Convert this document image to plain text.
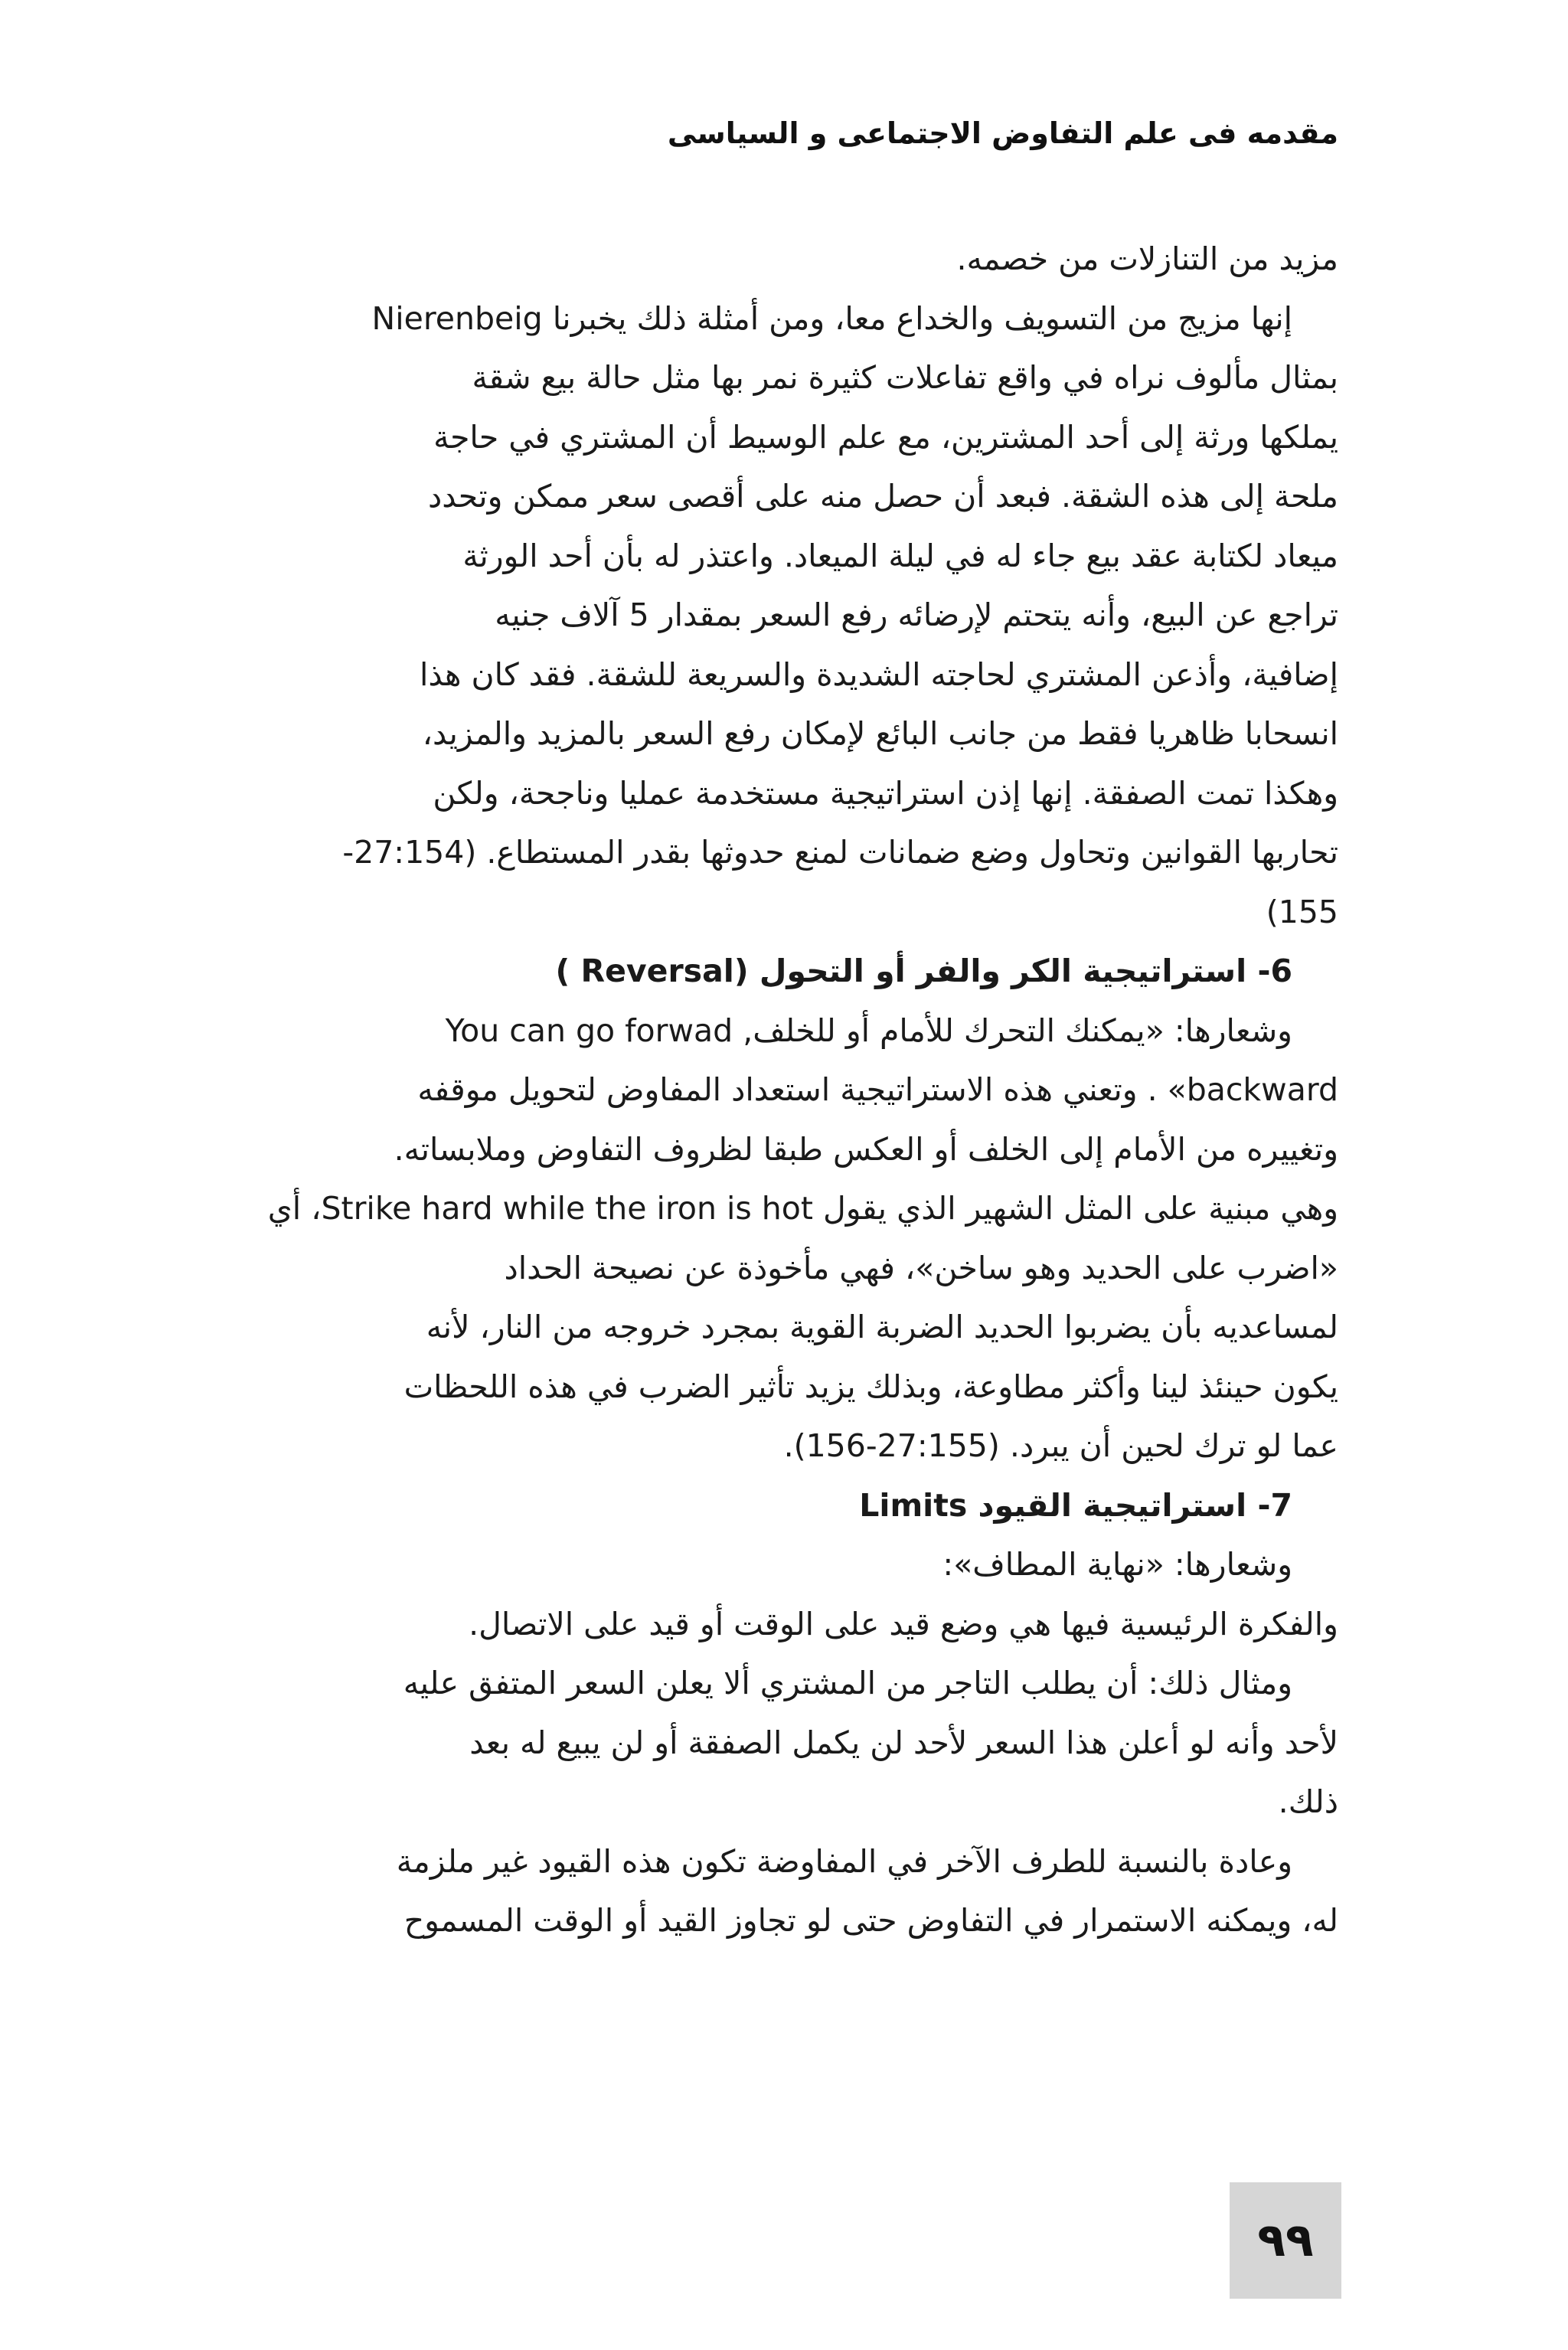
مقدمه فى علم التفاوض الاجتماعى و السياسى
مزيد من التنازلات من خصمه.
إنها مزيج من التسويف والخداع معا، ومن أمثلة ذلك يخبرنا Nierenbeig
بمثال مألوف نراه في واقع تفاعلات كثيرة نمر بها مثل حالة بيع شقة
يملكها ورثة إلى أحد المشترين، مع علم الوسيط أن المشتري في حاجة
ملحة إلى هذه الشقة. فبعد أن حصل منه على أقصى سعر ممكن وتحدد
ميعاد لكتابة عقد بيع جاء له في ليلة الميعاد. واعتذر له بأن أحد الورثة
تراجع عن البيع، وأنه يتحتم لإرضائه رفع السعر بمقدار 5 آلاف جنيه
إضافية، وأذعن المشتري لحاجته الشديدة والسريعة للشقة. فقد كان هذا
انسحابا ظاهريا فقط من جانب البائع لإمكان رفع السعر بالمزيد والمزيد،
وهكذا تمت الصفقة. إنها إذن استراتيجية مستخدمة عمليا وناجحة، ولكن
تحاربها القوانين وتحاول وضع ضمانات لمنع حدوثها بقدر المستطاع. (27:154-
155)
6- استراتيجية الكر والفر أو التحول (Reversal )
وشعارها: «يمكنك التحرك للأمام أو للخلف, You can go forwad
backward» . وتعني هذه الاستراتيجية استعداد المفاوض لتحويل موقفه
وتغييره من الأمام إلى الخلف أو العكس طبقا لظروف التفاوض وملابساته.
وهي مبنية على المثل الشهير الذي يقول Strike hard while the iron is hot، أي
«اضرب على الحديد وهو ساخن»، فهي مأخوذة عن نصيحة الحداد
لمساعديه بأن يضربوا الحديد الضربة القوية بمجرد خروجه من النار، لأنه
يكون حينئذ لينا وأكثر مطاوعة، وبذلك يزيد تأثير الضرب في هذه اللحظات
عما لو ترك لحين أن يبرد. (27:155-156).
7- استراتيجية القيود Limits
وشعارها: «نهاية المطاف»:
والفكرة الرئيسية فيها هي وضع قيد على الوقت أو قيد على الاتصال.
ومثال ذلك: أن يطلب التاجر من المشتري ألا يعلن السعر المتفق عليه
لأحد وأنه لو أعلن هذا السعر لأحد لن يكمل الصفقة أو لن يبيع له بعد
ذلك.
وعادة بالنسبة للطرف الآخر في المفاوضة تكون هذه القيود غير ملزمة
له، ويمكنه الاستمرار في التفاوض حتى لو تجاوز القيد أو الوقت المسموح
٩٩
